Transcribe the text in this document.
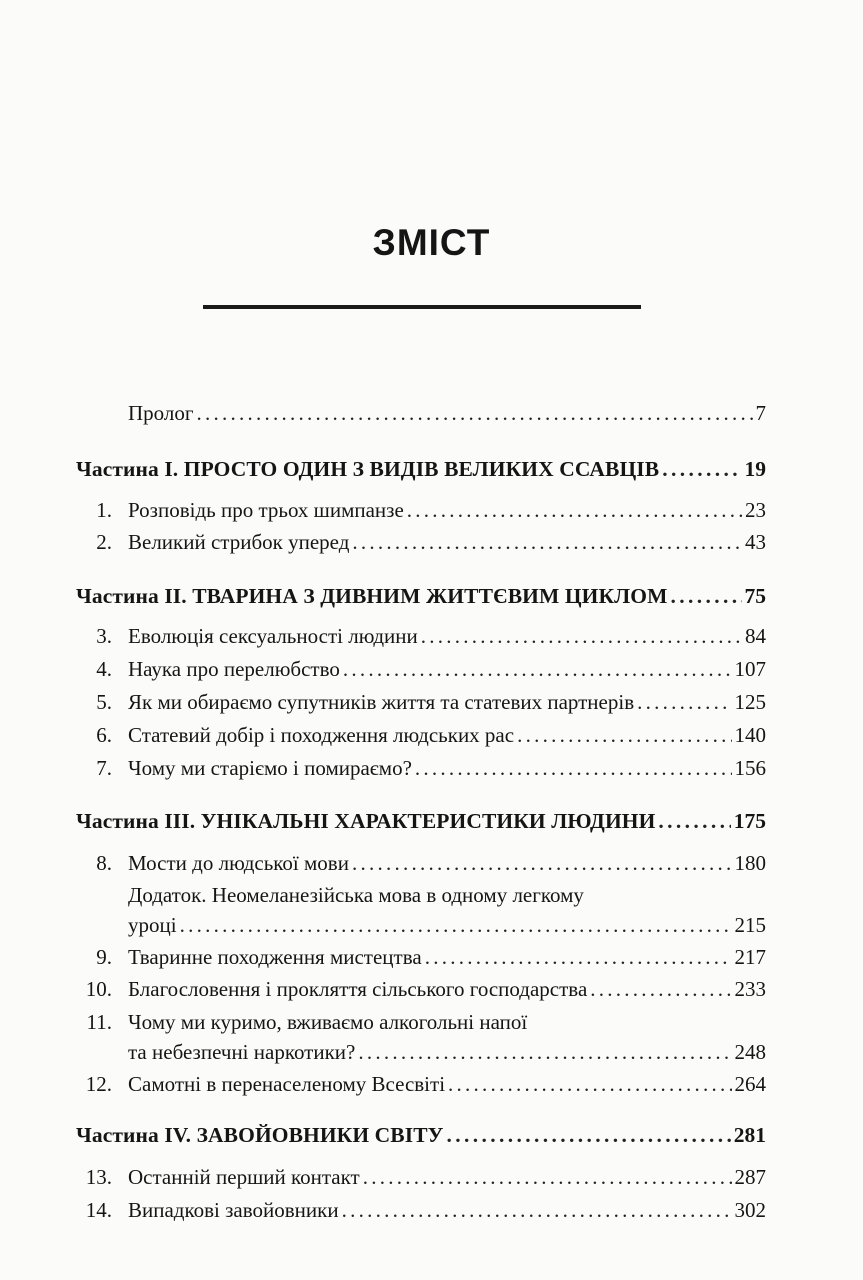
ЗМІСТ
Пролог . . .	7
Частина I. ПРОСТО ОДИН З ВИДІВ ВЕЛИКИХ ССАВЦІВ . . .	19
1. Розповідь про трьох шимпанзе . . .	23
2. Великий стрибок уперед . . .	43
Частина II. ТВАРИНА З ДИВНИМ ЖИТТЄВИМ ЦИКЛОМ . . .	75
3. Еволюція сексуальності людини . . .	84
4. Наука про перелюбство . . .	107
5. Як ми обираємо супутників життя та статевих партнерів . . .	125
6. Статевий добір і походження людських рас . . .	140
7. Чому ми старіємо і помираємо? . . .	156
Частина III. УНІКАЛЬНІ ХАРАКТЕРИСТИКИ ЛЮДИНИ . . .	175
8. Мости до людської мови . . .	180
Додаток. Неомеланезійська мова в одному легкому
уроці . . .	215
9. Тваринне походження мистецтва . . .	217
10. Благословення і прокляття сільського господарства . . .	233
11. Чому ми куримо, вживаємо алкогольні напої
та небезпечні наркотики? . . .	248
12. Самотні в перенаселеному Всесвіті . . .	264
Частина IV. ЗАВОЙОВНИКИ СВІТУ . . .	281
13. Останній перший контакт . . .	287
14. Випадкові завойовники . . .	302
